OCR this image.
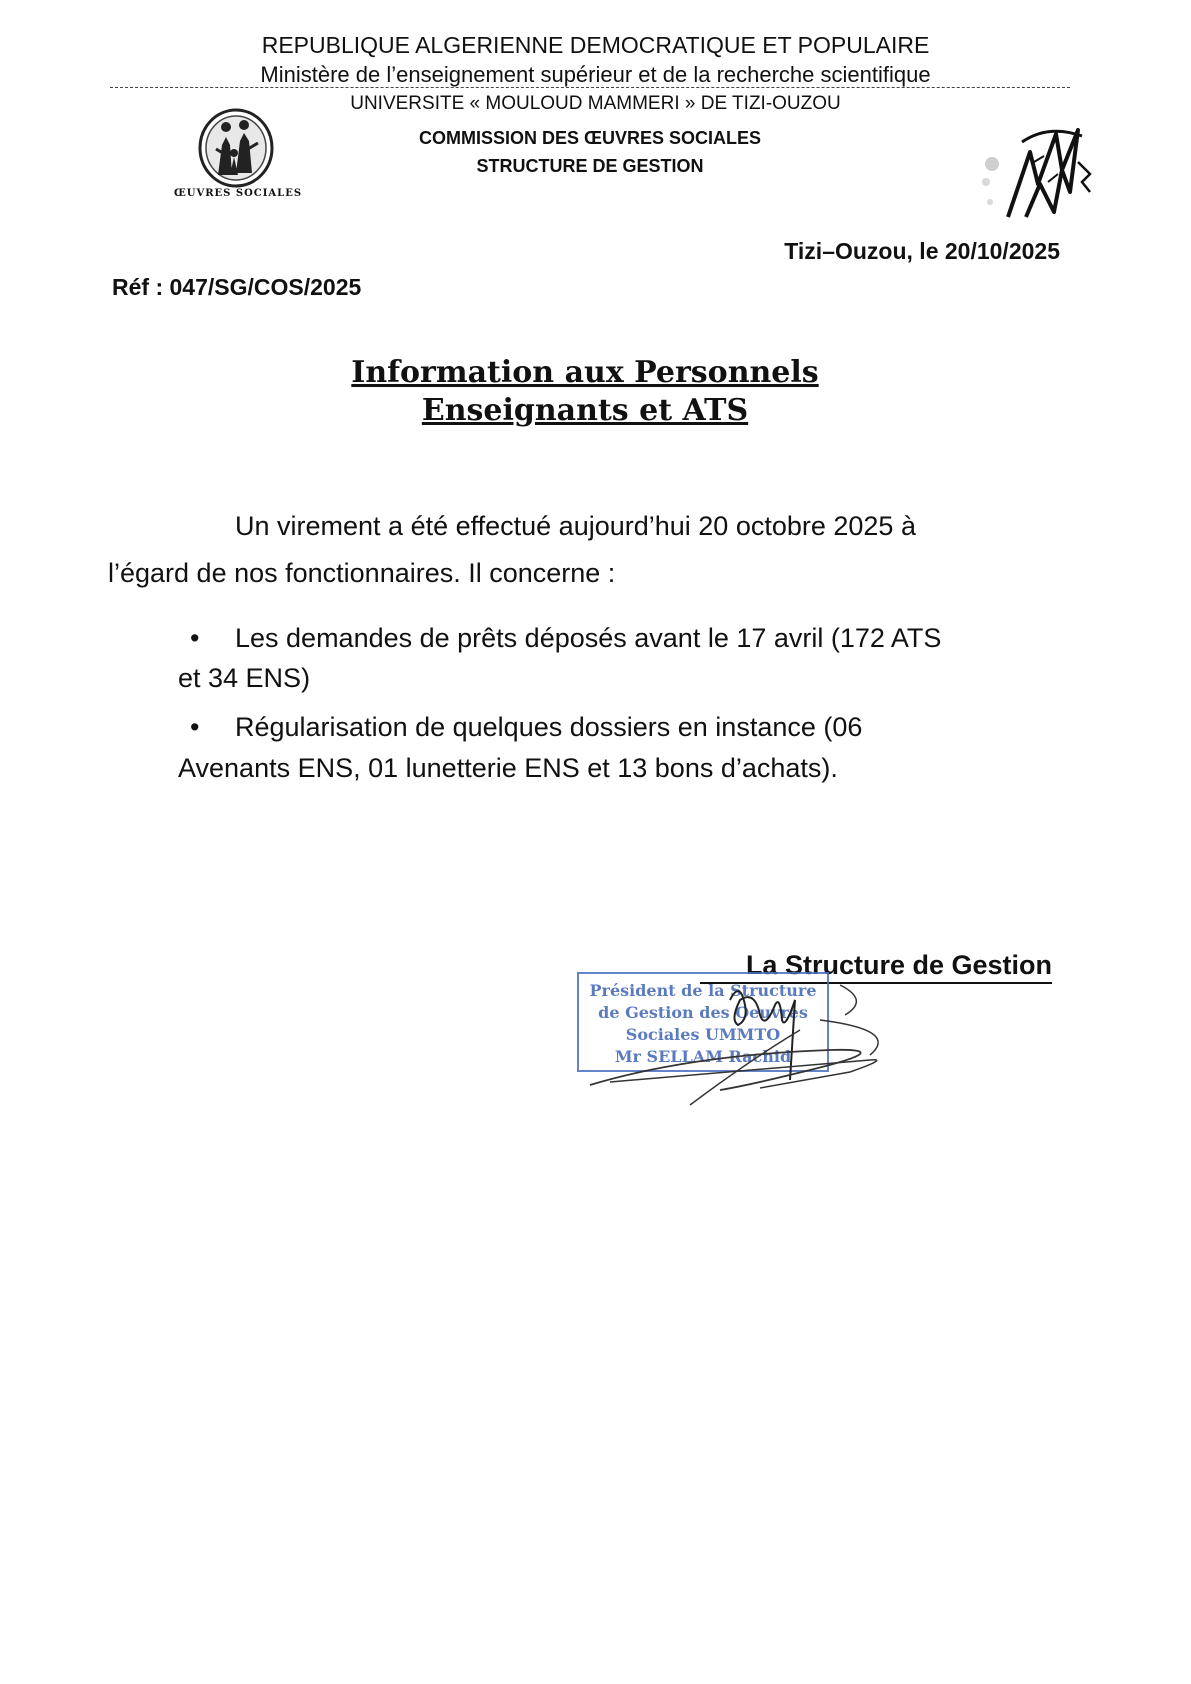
REPUBLIQUE ALGERIENNE DEMOCRATIQUE ET POPULAIRE
Ministère de l’enseignement supérieur et de la recherche scientifique
UNIVERSITE « MOULOUD MAMMERI » DE TIZI-OUZOU
COMMISSION DES ŒUVRES SOCIALES
STRUCTURE DE GESTION
ŒUVRES SOCIALES
Tizi–Ouzou, le 20/10/2025
Réf : 047/SG/COS/2025
Information aux Personnels
Enseignants et ATS
Un virement a été effectué aujourd’hui 20 octobre 2025 à
l’égard de nos fonctionnaires. Il concerne :
• Les demandes de prêts déposés avant le 17 avril (172 ATS
et 34 ENS)
• Régularisation de quelques dossiers en instance (06
Avenants ENS, 01 lunetterie ENS et 13 bons d’achats).
La Structure de Gestion
Président de la Structure
de Gestion des Oeuvres
Sociales UMMTO
Mr SELLAM Rachid
